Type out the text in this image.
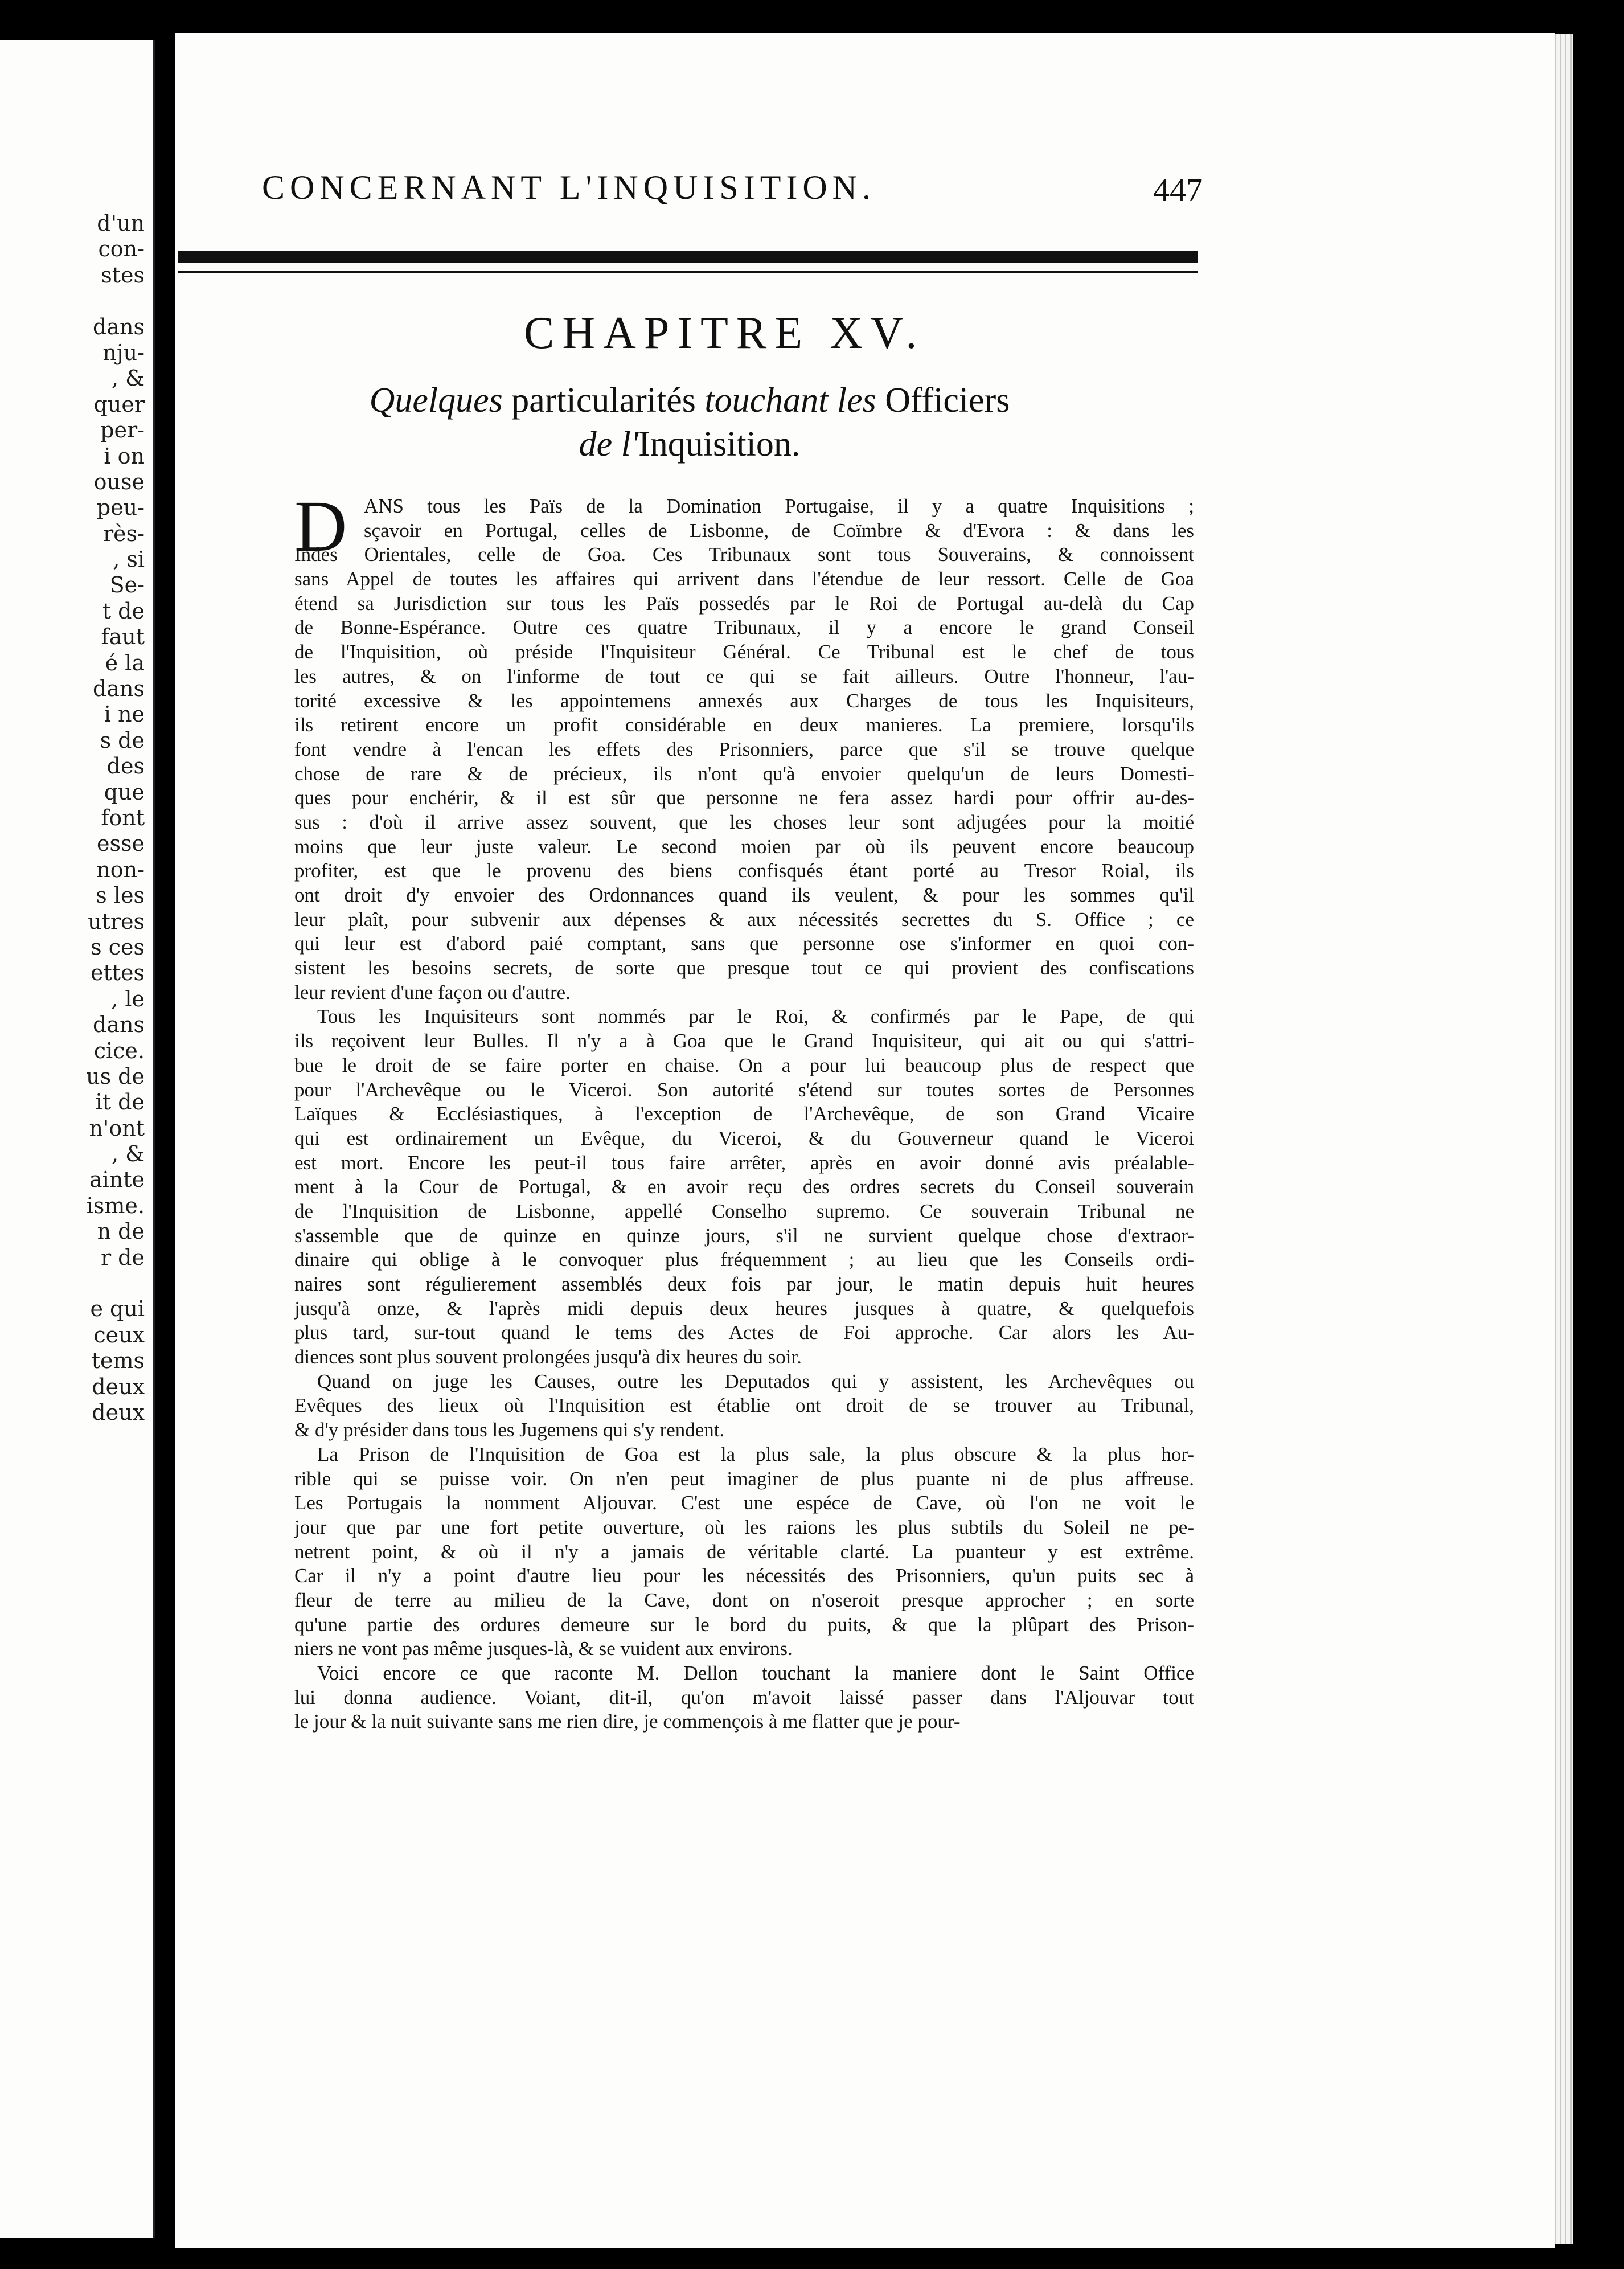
d'un
con-
stes
dans
nju-
, &
quer
per-
i on
ouse
peu-
rès-
, si
Se-
t de
faut
é la
dans
i ne
s de
des
que
font
esse
non-
s les
utres
s ces
ettes
, le
dans
cice.
us de
it de
n'ont
, &
ainte
isme.
n de
r de
e qui
ceux
tems
deux
deux
CONCERNANT L'INQUISITION.	447
CHAPITRE XV.
Quelques particularités touchant les Officiers
de l'Inquisition.
D ANS tous les Païs de la Domination Portugaise, il y a quatre Inquisitions ;
sçavoir en Portugal, celles de Lisbonne, de Coïmbre & d'Evora : & dans les
Indes Orientales, celle de Goa. Ces Tribunaux sont tous Souverains, & connoissent
sans Appel de toutes les affaires qui arrivent dans l'étendue de leur ressort. Celle de Goa
étend sa Jurisdiction sur tous les Païs possedés par le Roi de Portugal au-delà du Cap
de Bonne-Espérance. Outre ces quatre Tribunaux, il y a encore le grand Conseil
de l'Inquisition, où préside l'Inquisiteur Général. Ce Tribunal est le chef de tous
les autres, & on l'informe de tout ce qui se fait ailleurs. Outre l'honneur, l'au-
torité excessive & les appointemens annexés aux Charges de tous les Inquisiteurs,
ils retirent encore un profit considérable en deux manieres. La premiere, lorsqu'ils
font vendre à l'encan les effets des Prisonniers, parce que s'il se trouve quelque
chose de rare & de précieux, ils n'ont qu'à envoier quelqu'un de leurs Domesti-
ques pour enchérir, & il est sûr que personne ne fera assez hardi pour offrir au-des-
sus : d'où il arrive assez souvent, que les choses leur sont adjugées pour la moitié
moins que leur juste valeur. Le second moien par où ils peuvent encore beaucoup
profiter, est que le provenu des biens confisqués étant porté au Tresor Roial, ils
ont droit d'y envoier des Ordonnances quand ils veulent, & pour les sommes qu'il
leur plaît, pour subvenir aux dépenses & aux nécessités secrettes du S. Office ; ce
qui leur est d'abord paié comptant, sans que personne ose s'informer en quoi con-
sistent les besoins secrets, de sorte que presque tout ce qui provient des confiscations
leur revient d'une façon ou d'autre.
Tous les Inquisiteurs sont nommés par le Roi, & confirmés par le Pape, de qui
ils reçoivent leur Bulles. Il n'y a à Goa que le Grand Inquisiteur, qui ait ou qui s'attri-
bue le droit de se faire porter en chaise. On a pour lui beaucoup plus de respect que
pour l'Archevêque ou le Viceroi. Son autorité s'étend sur toutes sortes de Personnes
Laïques & Ecclésiastiques, à l'exception de l'Archevêque, de son Grand Vicaire
qui est ordinairement un Evêque, du Viceroi, & du Gouverneur quand le Viceroi
est mort. Encore les peut-il tous faire arrêter, après en avoir donné avis préalable-
ment à la Cour de Portugal, & en avoir reçu des ordres secrets du Conseil souverain
de l'Inquisition de Lisbonne, appellé Conselho supremo. Ce souverain Tribunal ne
s'assemble que de quinze en quinze jours, s'il ne survient quelque chose d'extraor-
dinaire qui oblige à le convoquer plus fréquemment ; au lieu que les Conseils ordi-
naires sont régulierement assemblés deux fois par jour, le matin depuis huit heures
jusqu'à onze, & l'après midi depuis deux heures jusques à quatre, & quelquefois
plus tard, sur-tout quand le tems des Actes de Foi approche. Car alors les Au-
diences sont plus souvent prolongées jusqu'à dix heures du soir.
Quand on juge les Causes, outre les Deputados qui y assistent, les Archevêques ou
Evêques des lieux où l'Inquisition est établie ont droit de se trouver au Tribunal,
& d'y présider dans tous les Jugemens qui s'y rendent.
La Prison de l'Inquisition de Goa est la plus sale, la plus obscure & la plus hor-
rible qui se puisse voir. On n'en peut imaginer de plus puante ni de plus affreuse.
Les Portugais la nomment Aljouvar. C'est une espéce de Cave, où l'on ne voit le
jour que par une fort petite ouverture, où les raions les plus subtils du Soleil ne pe-
netrent point, & où il n'y a jamais de véritable clarté. La puanteur y est extrême.
Car il n'y a point d'autre lieu pour les nécessités des Prisonniers, qu'un puits sec à
fleur de terre au milieu de la Cave, dont on n'oseroit presque approcher ; en sorte
qu'une partie des ordures demeure sur le bord du puits, & que la plûpart des Prison-
niers ne vont pas même jusques-là, & se vuident aux environs.
Voici encore ce que raconte M. Dellon touchant la maniere dont le Saint Office
lui donna audience. Voiant, dit-il, qu'on m'avoit laissé passer dans l'Aljouvar tout
le jour & la nuit suivante sans me rien dire, je commençois à me flatter que je pour-
